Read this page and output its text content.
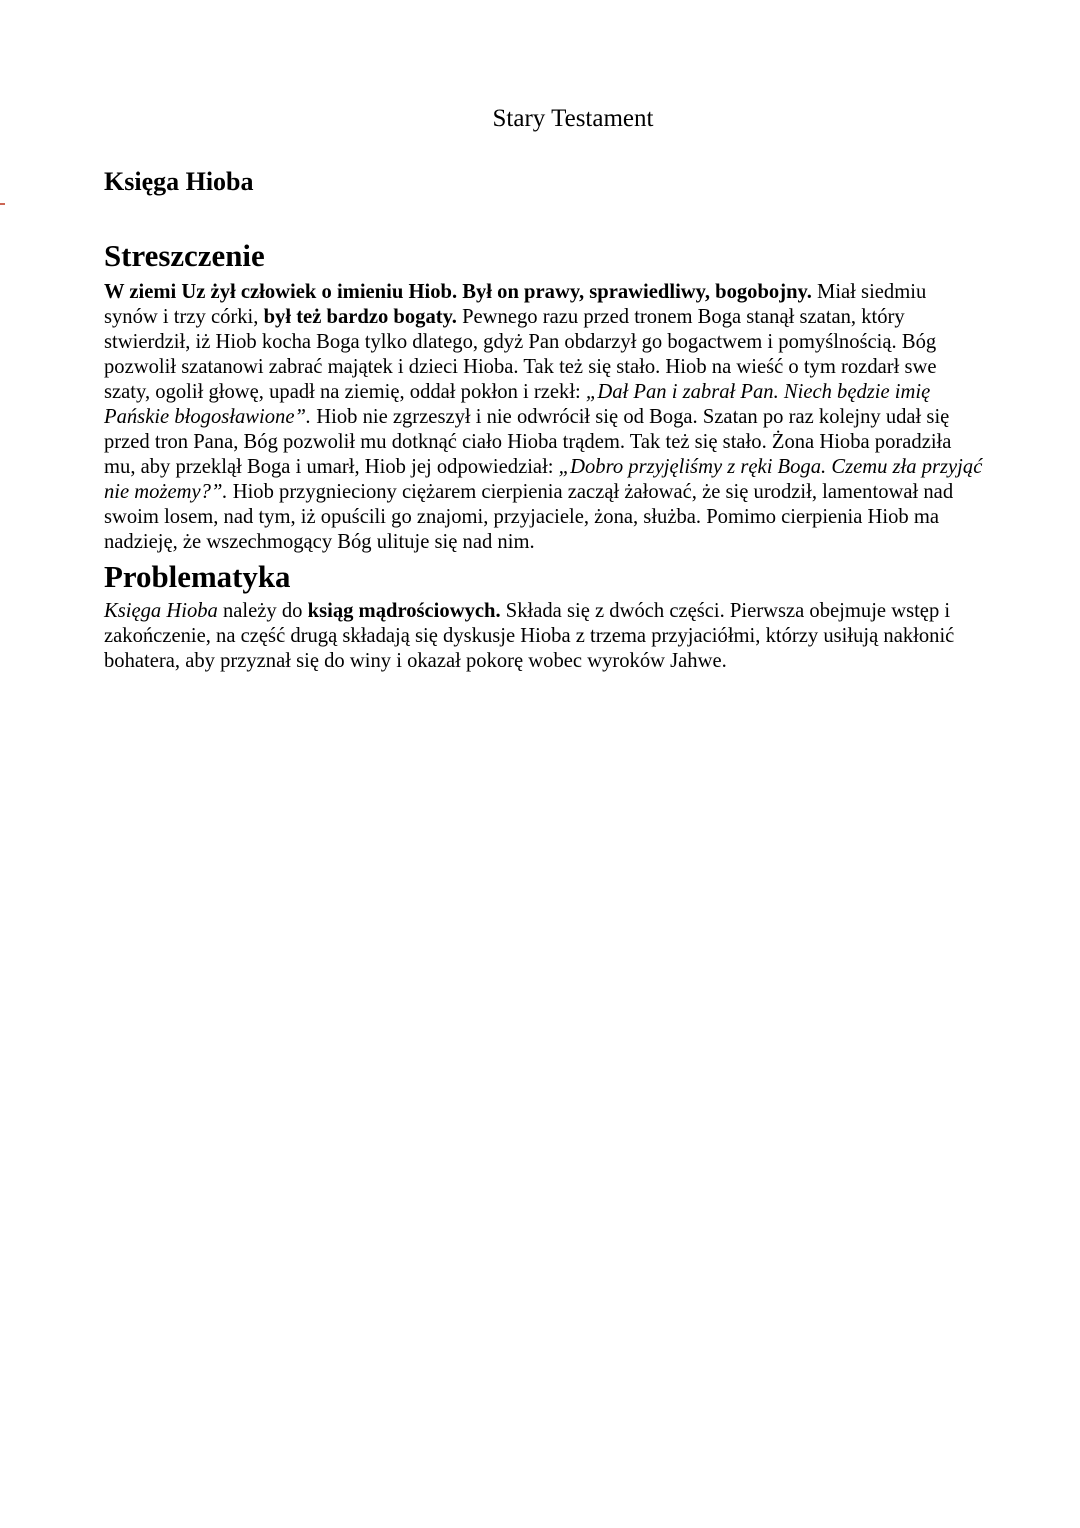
Stary Testament
Księga Hioba
Streszczenie

W ziemi Uz żył człowiek o imieniu Hiob. Był on prawy, sprawiedliwy, bogobojny. Miał siedmiu synów i trzy córki, był też bardzo bogaty. Pewnego razu przed tronem Boga stanął szatan, który stwierdził, iż Hiob kocha Boga tylko dlatego, gdyż Pan obdarzył go bogactwem i pomyślnością. Bóg pozwolił szatanowi zabrać majątek i dzieci Hioba. Tak też się stało. Hiob na wieść o tym rozdarł swe szaty, ogolił głowę, upadł na ziemię, oddał pokłon i rzekł: „Dał Pan i zabrał Pan. Niech będzie imię Pańskie błogosławione”. Hiob nie zgrzeszył i nie odwrócił się od Boga. Szatan po raz kolejny udał się przed tron Pana, Bóg pozwolił mu dotknąć ciało Hioba trądem. Tak też się stało. Żona Hioba poradziła mu, aby przeklął Boga i umarł, Hiob jej odpowiedział: „Dobro przyjęliśmy z ręki Boga. Czemu zła przyjąć nie możemy?”. Hiob przygnieciony ciężarem cierpienia zaczął żałować, że się urodził, lamentował nad swoim losem, nad tym, iż opuścili go znajomi, przyjaciele, żona, służba. Pomimo cierpienia Hiob ma nadzieję, że wszechmogący Bóg ulituje się nad nim.

Problematyka

Księga Hioba należy do ksiąg mądrościowych. Składa się z dwóch części. Pierwsza obejmuje wstęp i zakończenie, na część drugą składają się dyskusje Hioba z trzema przyjaciółmi, którzy usiłują nakłonić bohatera, aby przyznał się do winy i okazał pokorę wobec wyroków Jahwe.
